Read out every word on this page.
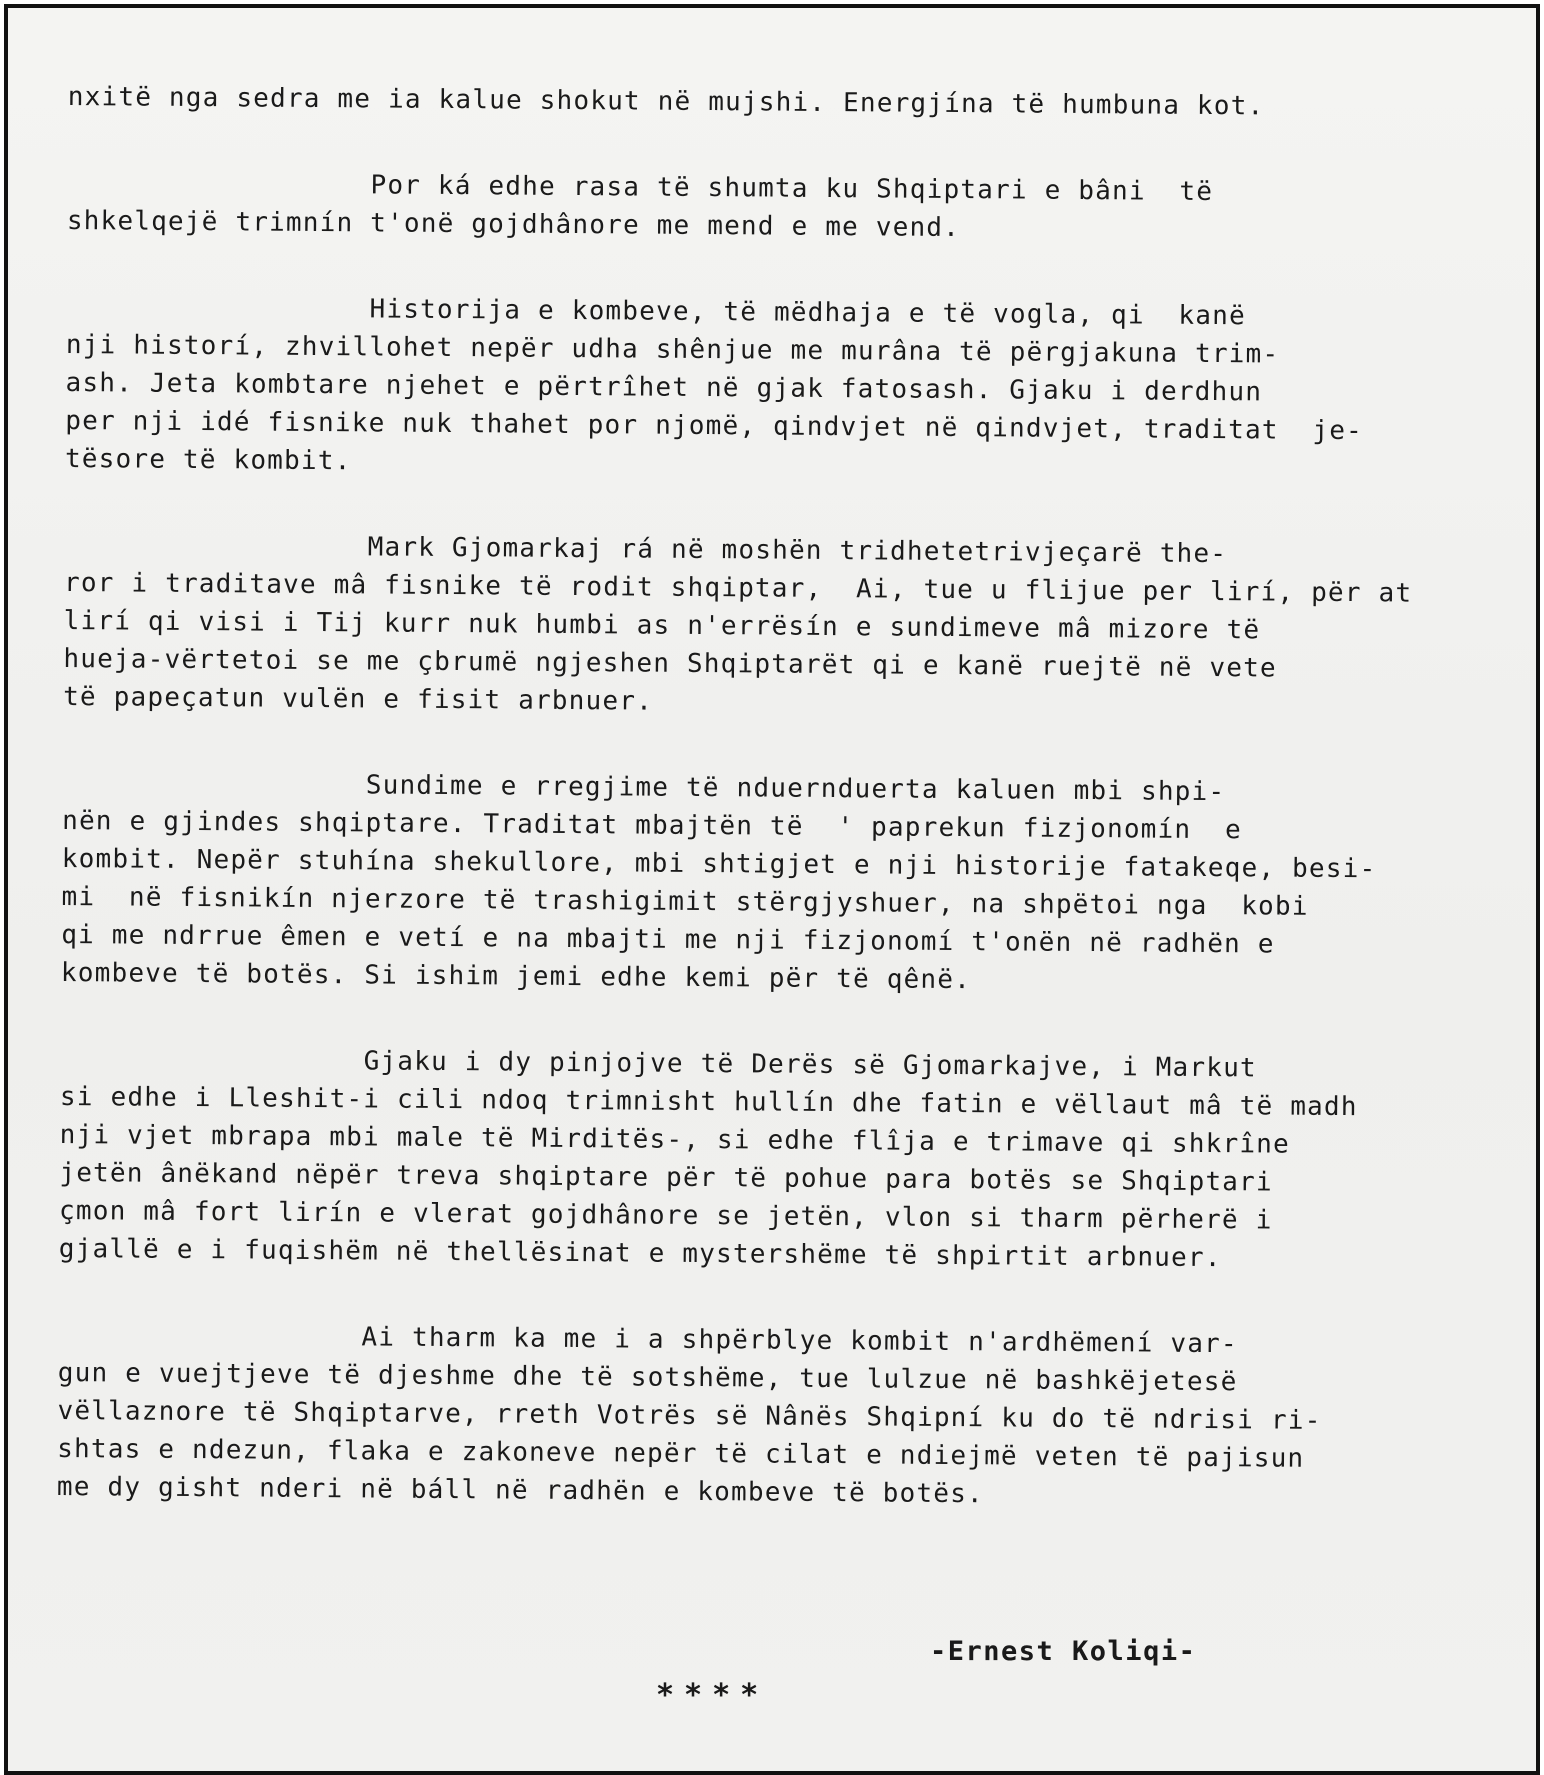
nxitë nga sedra me ia kalue shokut në mujshi. Energjína të humbuna kot.
Por ká edhe rasa të shumta ku Shqiptari e bâni  të
shkelqejë trimnín t'onë gojdhânore me mend e me vend.
Historija e kombeve, të mëdhaja e të vogla, qi  kanë
nji historí, zhvillohet nepër udha shênjue me murâna të përgjakuna trim-
ash. Jeta kombtare njehet e përtrîhet në gjak fatosash. Gjaku i derdhun
per nji idé fisnike nuk thahet por njomë, qindvjet në qindvjet, traditat  je-
tësore të kombit.
Mark Gjomarkaj rá në moshën tridhetetrivjeçarë the-
ror i traditave mâ fisnike të rodit shqiptar,  Ai, tue u flijue per lirí, për at
lirí qi visi i Tij kurr nuk humbi as n'errësín e sundimeve mâ mizore të
hueja-vërtetoi se me çbrumë ngjeshen Shqiptarët qi e kanë ruejtë në vete
të papeçatun vulën e fisit arbnuer.
Sundime e rregjime të nduernduerta kaluen mbi shpi-
nën e gjindes shqiptare. Traditat mbajtën të  ' paprekun fizjonomín  e
kombit. Nepër stuhína shekullore, mbi shtigjet e nji historije fatakeqe, besi-
mi  në fisnikín njerzore të trashigimit stërgjyshuer, na shpëtoi nga  kobi
qi me ndrrue êmen e vetí e na mbajti me nji fizjonomí t'onën në radhën e
kombeve të botës. Si ishim jemi edhe kemi për të qênë.
Gjaku i dy pinjojve të Derës së Gjomarkajve, i Markut
si edhe i Lleshit-i cili ndoq trimnisht hullín dhe fatin e vëllaut mâ të madh
nji vjet mbrapa mbi male të Mirditës-, si edhe flîja e trimave qi shkrîne
jetën ânëkand nëpër treva shqiptare për të pohue para botës se Shqiptari
çmon mâ fort lirín e vlerat gojdhânore se jetën, vlon si tharm përherë i
gjallë e i fuqishëm në thellësinat e mystershëme të shpirtit arbnuer.
Ai tharm ka me i a shpërblye kombit n'ardhëmení var-
gun e vuejtjeve të djeshme dhe të sotshëme, tue lulzue në bashkëjetesë
vëllaznore të Shqiptarve, rreth Votrës së Nânës Shqipní ku do të ndrisi ri-
shtas e ndezun, flaka e zakoneve nepër të cilat e ndiejmë veten të pajisun
me dy gisht nderi në báll në radhën e kombeve të botës.
-Ernest Koliqi-
****
